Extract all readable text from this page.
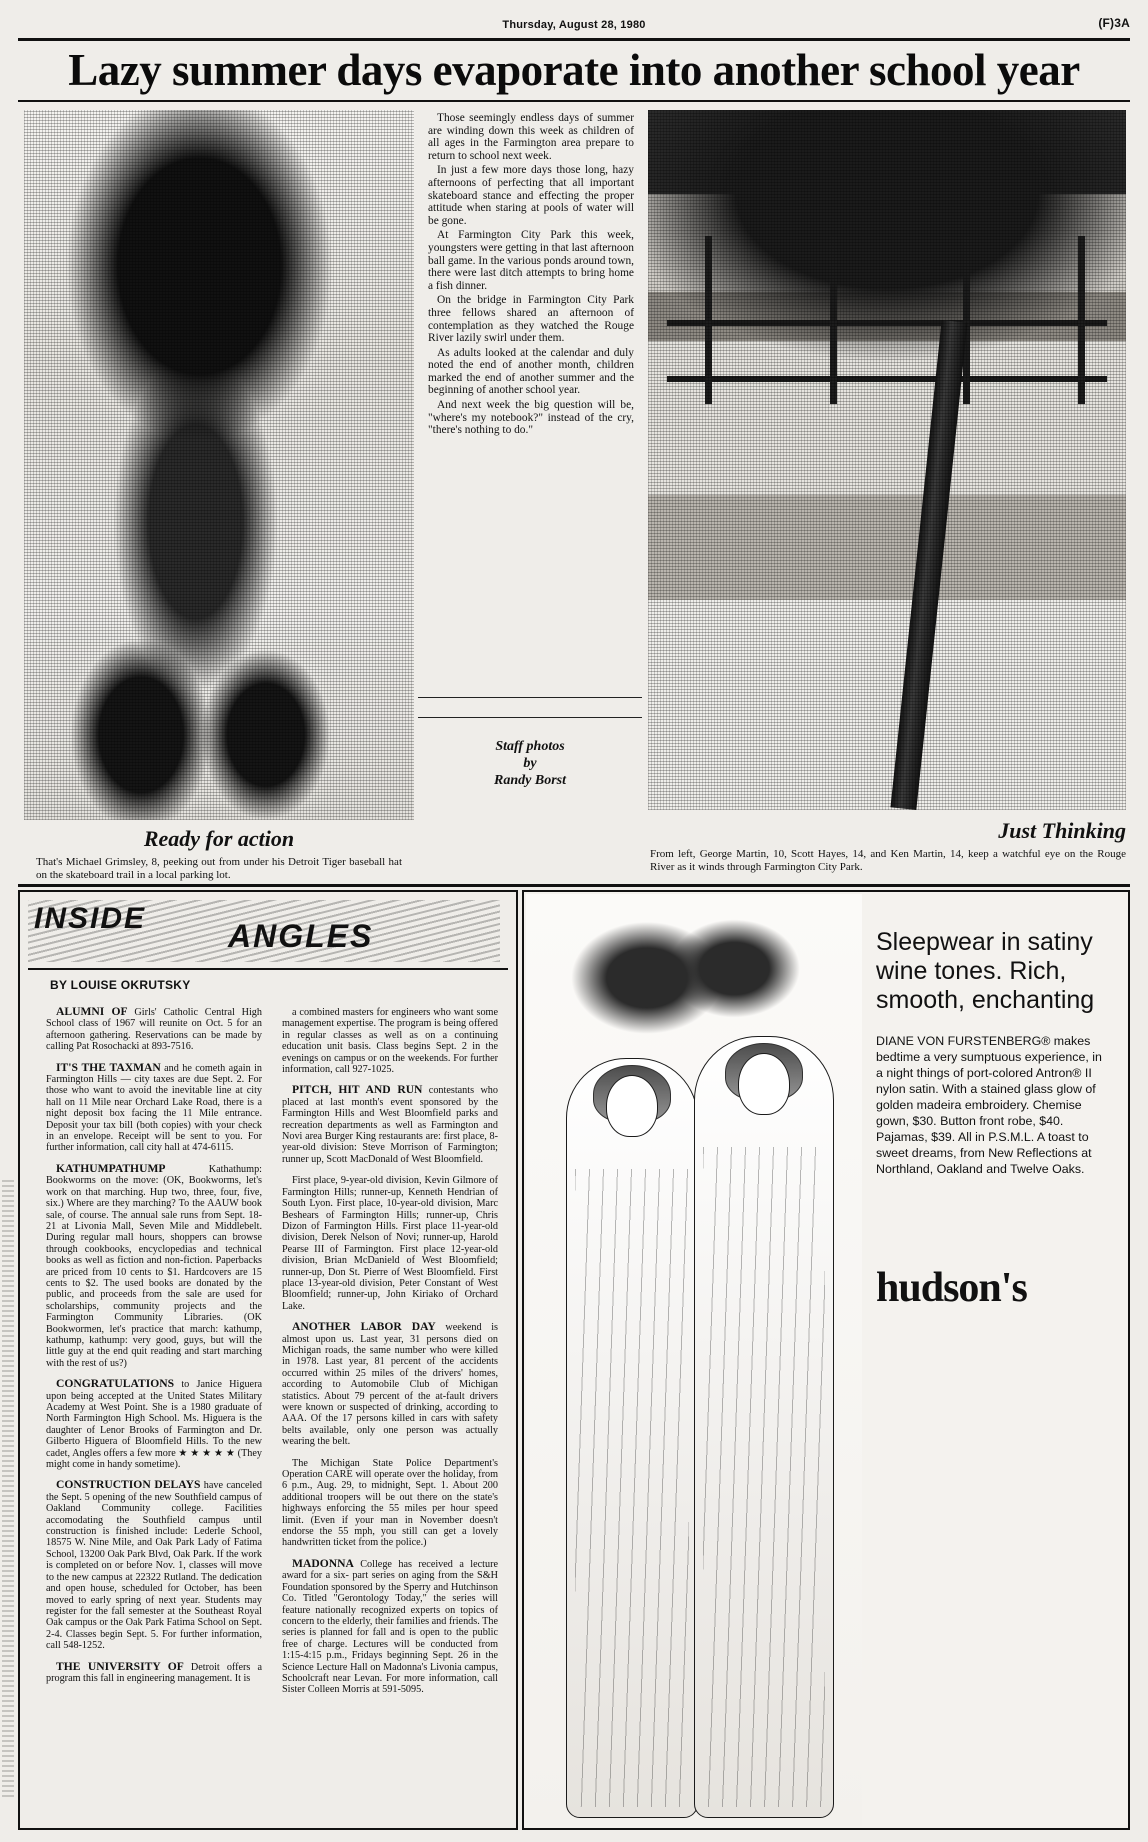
Thursday, August 28, 1980	(F)3A
Lazy summer days evaporate into another school year

Those seemingly endless days of summer are winding down this week as children of all ages in the Farmington area prepare to return to school next week.

In just a few more days those long, hazy afternoons of perfecting that all important skateboard stance and effecting the proper attitude when staring at pools of water will be gone.

At Farmington City Park this week, youngsters were getting in that last afternoon ball game. In the various ponds around town, there were last ditch attempts to bring home a fish dinner.

On the bridge in Farmington City Park three fellows shared an afternoon of contemplation as they watched the Rouge River lazily swirl under them.

As adults looked at the calendar and duly noted the end of another month, children marked the end of another summer and the beginning of another school year.

And next week the big question will be, "where's my notebook?" instead of the cry, "there's nothing to do."

Staff photos
by
Randy Borst
Ready for action
That's Michael Grimsley, 8, peeking out from under his Detroit Tiger baseball hat on the skateboard trail in a local parking lot.
Just Thinking
From left, George Martin, 10, Scott Hayes, 14, and Ken Martin, 14, keep a watchful eye on the Rouge River as it winds through Farmington City Park.
INSIDE	ANGLES
BY LOUISE OKRUTSKY

ALUMNI OF Girls' Catholic Central High School class of 1967 will reunite on Oct. 5 for an afternoon gathering. Reservations can be made by calling Pat Rosochacki at 893-7516.

IT'S THE TAXMAN and he cometh again in Farmington Hills — city taxes are due Sept. 2. For those who want to avoid the inevitable line at city hall on 11 Mile near Orchard Lake Road, there is a night deposit box facing the 11 Mile entrance. Deposit your tax bill (both copies) with your check in an envelope. Receipt will be sent to you. For further information, call city hall at 474-6115.

KATHUMPATHUMP Kathathump: Bookworms on the move: (OK, Bookworms, let's work on that marching. Hup two, three, four, five, six.) Where are they marching? To the AAUW book sale, of course. The annual sale runs from Sept. 18-21 at Livonia Mall, Seven Mile and Middlebelt. During regular mall hours, shoppers can browse through cookbooks, encyclopedias and technical books as well as fiction and non-fiction. Paperbacks are priced from 10 cents to $1. Hardcovers are 15 cents to $2. The used books are donated by the public, and proceeds from the sale are used for scholarships, community projects and the Farmington Community Libraries. (OK Bookwormen, let's practice that march: kathump, kathump, kathump: very good, guys, but will the little guy at the end quit reading and start marching with the rest of us?)

CONGRATULATIONS to Janice Higuera upon being accepted at the United States Military Academy at West Point. She is a 1980 graduate of North Farmington High School. Ms. Higuera is the daughter of Lenor Brooks of Farmington and Dr. Gilberto Higuera of Bloomfield Hills. To the new cadet, Angles offers a few more ★ ★ ★ ★ ★ (They might come in handy sometime).

CONSTRUCTION DELAYS have canceled the Sept. 5 opening of the new Southfield campus of Oakland Community college. Facilities accomodating the Southfield campus until construction is finished include: Lederle School, 18575 W. Nine Mile, and Oak Park Lady of Fatima School, 13200 Oak Park Blvd, Oak Park. If the work is completed on or before Nov. 1, classes will move to the new campus at 22322 Rutland. The dedication and open house, scheduled for October, has been moved to early spring of next year. Students may register for the fall semester at the Southeast Royal Oak campus or the Oak Park Fatima School on Sept. 2-4. Classes begin Sept. 5. For further information, call 548-1252.

THE UNIVERSITY OF Detroit offers a program this fall in engineering management. It is

a combined masters for engineers who want some management expertise. The program is being offered in regular classes as well as on a continuing education unit basis. Class begins Sept. 2 in the evenings on campus or on the weekends. For further information, call 927-1025.

PITCH, HIT AND RUN contestants who placed at last month's event sponsored by the Farmington Hills and West Bloomfield parks and recreation departments as well as Farmington and Novi area Burger King restaurants are: first place, 8-year-old division: Steve Morrison of Farmington; runner up, Scott MacDonald of West Bloomfield.

First place, 9-year-old division, Kevin Gilmore of Farmington Hills; runner-up, Kenneth Hendrian of South Lyon. First place, 10-year-old division, Marc Beshears of Farmington Hills; runner-up, Chris Dizon of Farmington Hills. First place 11-year-old division, Derek Nelson of Novi; runner-up, Harold Pearse III of Farmington. First place 12-year-old division, Brian McDanield of West Bloomfield; runner-up, Don St. Pierre of West Bloomfield. First place 13-year-old division, Peter Constant of West Bloomfield; runner-up, John Kiriako of Orchard Lake.

ANOTHER LABOR DAY weekend is almost upon us. Last year, 31 persons died on Michigan roads, the same number who were killed in 1978. Last year, 81 percent of the accidents occurred within 25 miles of the drivers' homes, according to Automobile Club of Michigan statistics. About 79 percent of the at-fault drivers were known or suspected of drinking, according to AAA. Of the 17 persons killed in cars with safety belts available, only one person was actually wearing the belt.

The Michigan State Police Department's Operation CARE will operate over the holiday, from 6 p.m., Aug. 29, to midnight, Sept. 1. About 200 additional troopers will be out there on the state's highways enforcing the 55 miles per hour speed limit. (Even if your man in November doesn't endorse the 55 mph, you still can get a lovely handwritten ticket from the police.)

MADONNA College has received a lecture award for a six- part series on aging from the S&H Foundation sponsored by the Sperry and Hutchinson Co. Titled "Gerontology Today," the series will feature nationally recognized experts on topics of concern to the elderly, their families and friends. The series is planned for fall and is open to the public free of charge. Lectures will be conducted from 1:15-4:15 p.m., Fridays beginning Sept. 26 in the Science Lecture Hall on Madonna's Livonia campus, Schoolcraft near Levan. For more information, call Sister Colleen Morris at 591-5095.

Sleepwear in satiny wine tones. Rich, smooth, enchanting
DIANE VON FURSTENBERG® makes bedtime a very sumptuous experience, in a night things of port-colored Antron® II nylon satin. With a stained glass glow of golden madeira embroidery. Chemise gown, $30. Button front robe, $40. Pajamas, $39. All in P.S.M.L. A toast to sweet dreams, from New Reflections at Northland, Oakland and Twelve Oaks.
hudson's
